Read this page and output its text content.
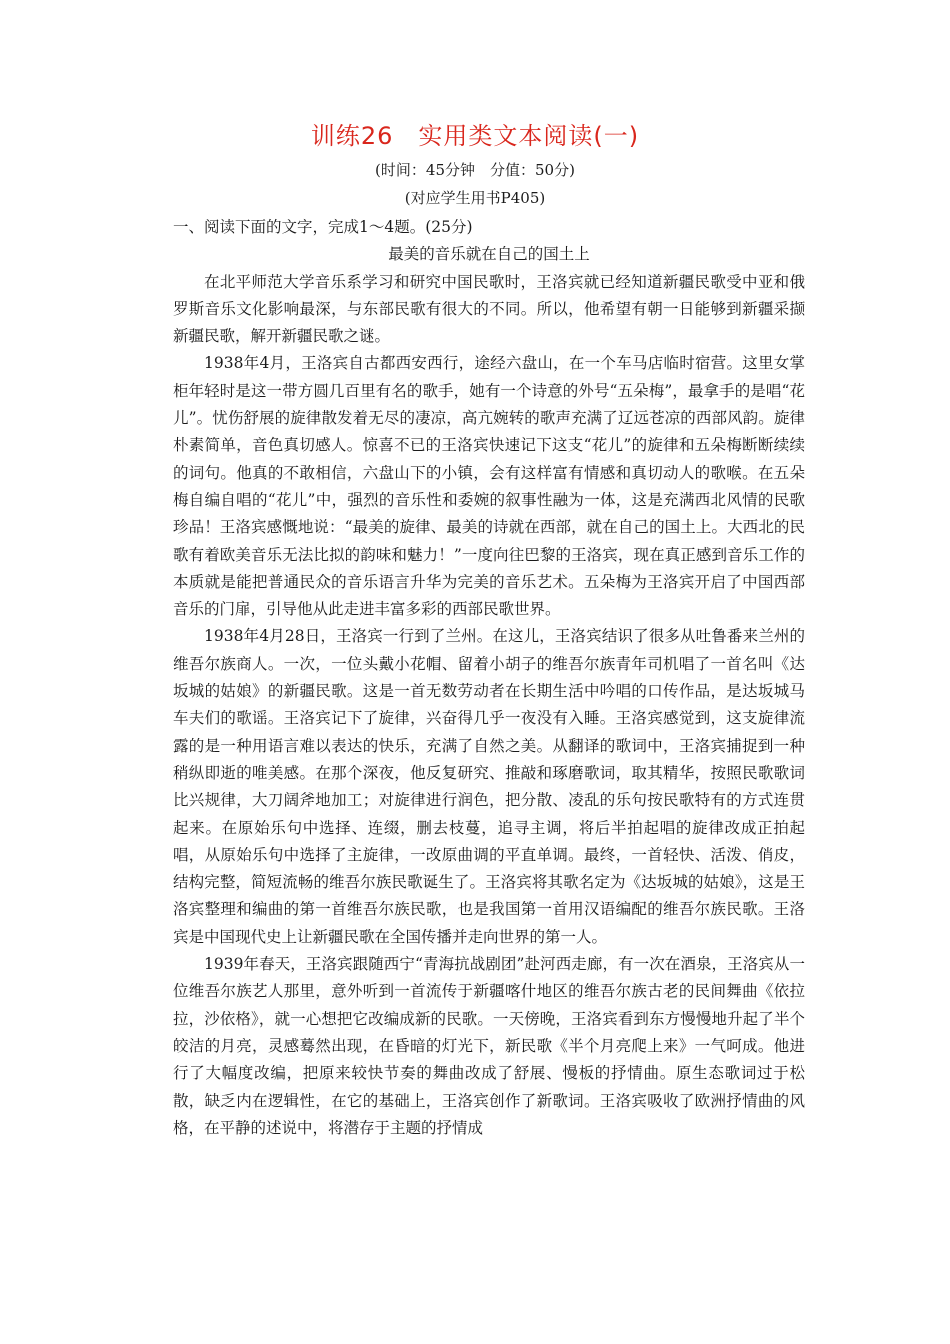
训练26　实用类文本阅读(一)
(时间：45分钟　分值：50分)
(对应学生用书P405)

一、阅读下面的文字，完成1～4题。(25分)

最美的音乐就在自己的国土上

在北平师范大学音乐系学习和研究中国民歌时，王洛宾就已经知道新疆民歌受中亚和俄罗斯音乐文化影响最深，与东部民歌有很大的不同。所以，他希望有朝一日能够到新疆采撷新疆民歌，解开新疆民歌之谜。

1938年4月，王洛宾自古都西安西行，途经六盘山，在一个车马店临时宿营。这里女掌柜年轻时是这一带方圆几百里有名的歌手，她有一个诗意的外号“五朵梅”，最拿手的是唱“花儿”。忧伤舒展的旋律散发着无尽的凄凉，高亢婉转的歌声充满了辽远苍凉的西部风韵。旋律朴素简单，音色真切感人。惊喜不已的王洛宾快速记下这支“花儿”的旋律和五朵梅断断续续的词句。他真的不敢相信，六盘山下的小镇，会有这样富有情感和真切动人的歌喉。在五朵梅自编自唱的“花儿”中，强烈的音乐性和委婉的叙事性融为一体，这是充满西北风情的民歌珍品！王洛宾感慨地说：“最美的旋律、最美的诗就在西部，就在自己的国土上。大西北的民歌有着欧美音乐无法比拟的韵味和魅力！”一度向往巴黎的王洛宾，现在真正感到音乐工作的本质就是能把普通民众的音乐语言升华为完美的音乐艺术。五朵梅为王洛宾开启了中国西部音乐的门扉，引导他从此走进丰富多彩的西部民歌世界。

1938年4月28日，王洛宾一行到了兰州。在这儿，王洛宾结识了很多从吐鲁番来兰州的维吾尔族商人。一次，一位头戴小花帽、留着小胡子的维吾尔族青年司机唱了一首名叫《达坂城的姑娘》的新疆民歌。这是一首无数劳动者在长期生活中吟唱的口传作品，是达坂城马车夫们的歌谣。王洛宾记下了旋律，兴奋得几乎一夜没有入睡。王洛宾感觉到，这支旋律流露的是一种用语言难以表达的快乐，充满了自然之美。从翻译的歌词中，王洛宾捕捉到一种稍纵即逝的唯美感。在那个深夜，他反复研究、推敲和琢磨歌词，取其精华，按照民歌歌词比兴规律，大刀阔斧地加工；对旋律进行润色，把分散、凌乱的乐句按民歌特有的方式连贯起来。在原始乐句中选择、连缀，删去枝蔓，追寻主调，将后半拍起唱的旋律改成正拍起唱，从原始乐句中选择了主旋律，一改原曲调的平直单调。最终，一首轻快、活泼、俏皮，结构完整，简短流畅的维吾尔族民歌诞生了。王洛宾将其歌名定为《达坂城的姑娘》，这是王洛宾整理和编曲的第一首维吾尔族民歌，也是我国第一首用汉语编配的维吾尔族民歌。王洛宾是中国现代史上让新疆民歌在全国传播并走向世界的第一人。

1939年春天，王洛宾跟随西宁“青海抗战剧团”赴河西走廊，有一次在酒泉，王洛宾从一位维吾尔族艺人那里，意外听到一首流传于新疆喀什地区的维吾尔族古老的民间舞曲《依拉拉，沙依格》，就一心想把它改编成新的民歌。一天傍晚，王洛宾看到东方慢慢地升起了半个皎洁的月亮，灵感蓦然出现，在昏暗的灯光下，新民歌《半个月亮爬上来》一气呵成。他进行了大幅度改编，把原来较快节奏的舞曲改成了舒展、慢板的抒情曲。原生态歌词过于松散，缺乏内在逻辑性，在它的基础上，王洛宾创作了新歌词。王洛宾吸收了欧洲抒情曲的风格，在平静的述说中，将潜存于主题的抒情成
